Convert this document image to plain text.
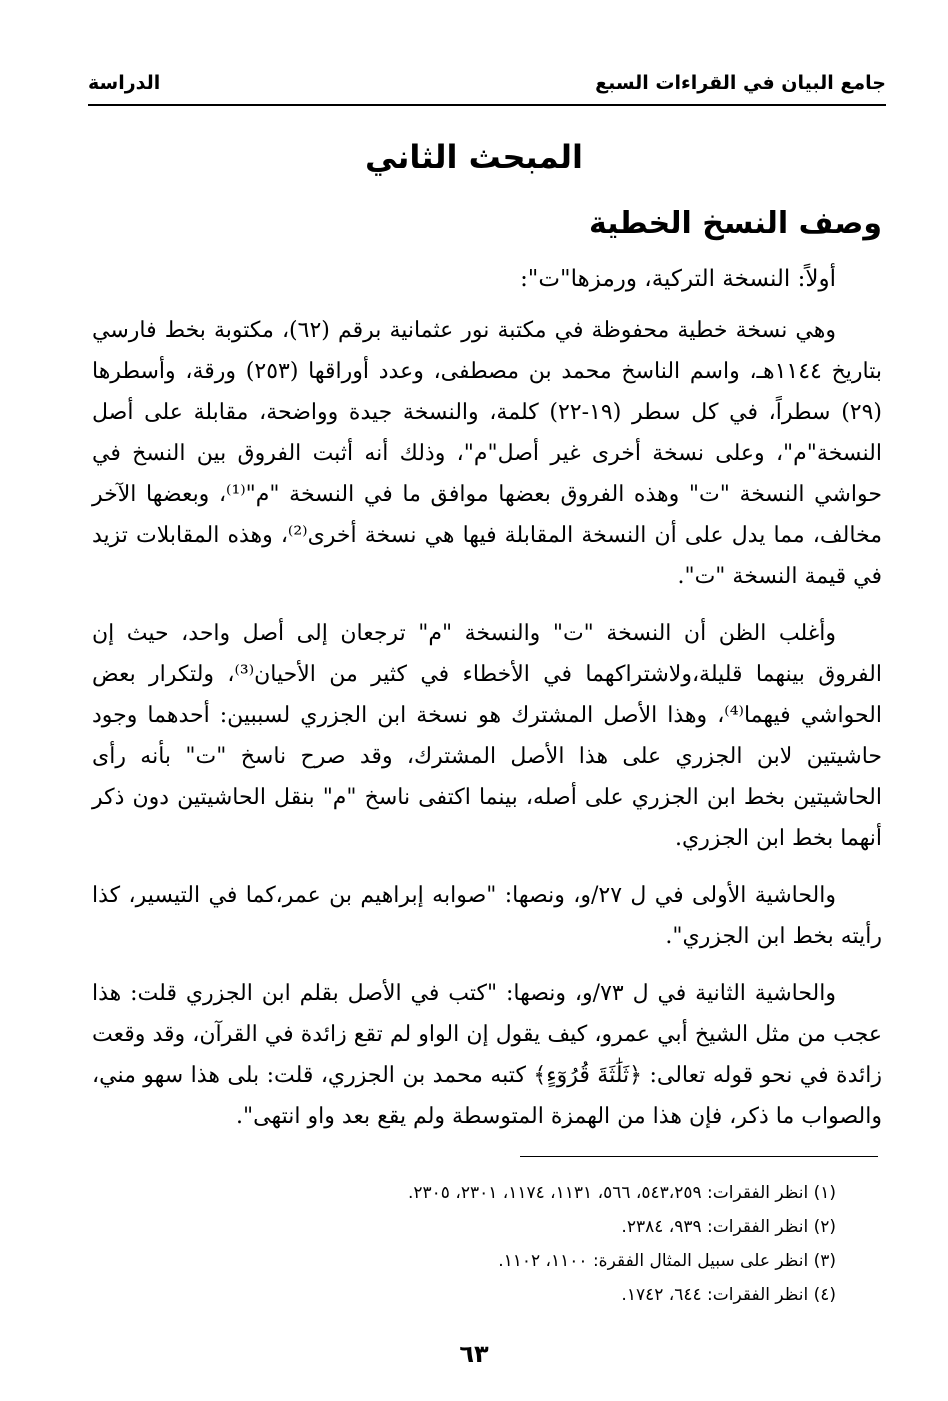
جامع البيان في القراءات السبع
الدراسة
المبحث الثاني
وصف النسخ الخطية
أولاً: النسخة التركية، ورمزها"ت":

وهي نسخة خطية محفوظة في مكتبة نور عثمانية برقم (٦٢)، مكتوبة بخط فارسي بتاريخ ١١٤٤هـ، واسم الناسخ محمد بن مصطفى، وعدد أوراقها (٢٥٣) ورقة، وأسطرها (٢٩) سطراً، في كل سطر (١٩-٢٢) كلمة، والنسخة جيدة وواضحة، مقابلة على أصل النسخة"م"، وعلى نسخة أخرى غير أصل"م"، وذلك أنه أثبت الفروق بين النسخ في حواشي النسخة "ت" وهذه الفروق بعضها موافق ما في النسخة "م"⁽¹⁾، وبعضها الآخر مخالف، مما يدل على أن النسخة المقابلة فيها هي نسخة أخرى⁽²⁾، وهذه المقابلات تزيد في قيمة النسخة "ت".

وأغلب الظن أن النسخة "ت" والنسخة "م" ترجعان إلى أصل واحد، حيث إن الفروق بينهما قليلة،ولاشتراكهما في الأخطاء في كثير من الأحيان⁽³⁾، ولتكرار بعض الحواشي فيهما⁽⁴⁾، وهذا الأصل المشترك هو نسخة ابن الجزري لسببين: أحدهما وجود حاشيتين لابن الجزري على هذا الأصل المشترك، وقد صرح ناسخ "ت" بأنه رأى الحاشيتين بخط ابن الجزري على أصله، بينما اكتفى ناسخ "م" بنقل الحاشيتين دون ذكر أنهما بخط ابن الجزري.

والحاشية الأولى في ل ٢٧/و، ونصها: "صوابه إبراهيم بن عمر،كما في التيسير، كذا رأيته بخط ابن الجزري".

والحاشية الثانية في ل ٧٣/و، ونصها: "كتب في الأصل بقلم ابن الجزري قلت: هذا عجب من مثل الشيخ أبي عمرو، كيف يقول إن الواو لم تقع زائدة في القرآن، وقد وقعت زائدة في نحو قوله تعالى: ﴿ثَلَٰثَةَ قُرُوٓءٍ﴾ كتبه محمد بن الجزري، قلت: بلى هذا سهو مني، والصواب ما ذكر، فإن هذا من الهمزة المتوسطة ولم يقع بعد واو انتهى".

(١) انظر الفقرات: ٥٤٣،٢٥٩، ٥٦٦، ١١٣١، ١١٧٤، ٢٣٠١، ٢٣٠٥.

(٢) انظر الفقرات: ٩٣٩، ٢٣٨٤.

(٣) انظر على سبيل المثال الفقرة: ١١٠٠، ١١٠٢.

(٤) انظر الفقرات: ٦٤٤، ١٧٤٢.

٦٣
